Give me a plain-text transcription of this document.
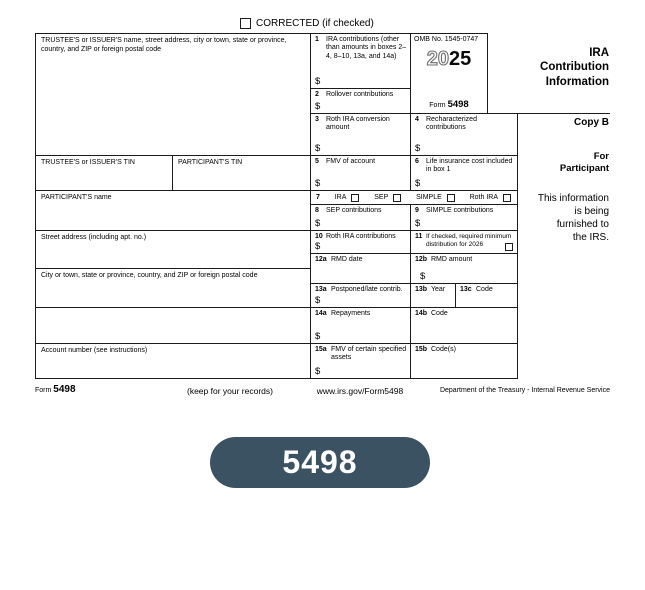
CORRECTED (if checked)
TRUSTEE'S or ISSUER'S name, street address, city or town, state or province, country, and ZIP or foreign postal code
TRUSTEE'S or ISSUER'S TIN	PARTICIPANT'S TIN
PARTICIPANT'S name
Street address (including apt. no.)
City or town, state or province, country, and ZIP or foreign postal code
Account number (see instructions)
1 IRA contributions (other than amounts in boxes 2–4, 8–10, 13a, and 14a)
$
2 Rollover contributions
$
OMB No. 1545-0747
2025
Form 5498
3 Roth IRA conversion amount
$
4 Recharacterized contributions
$
5 FMV of account
$
6 Life insurance cost included in box 1
$
7 IRA	SEP	SIMPLE	Roth IRA
8 SEP contributions
$
9 SIMPLE contributions
$
10 Roth IRA contributions
$
11 If checked, required minimum distribution for 2026
12a RMD date	12b RMD amount
$
13a Postponed/late contrib.
$
13b Year	13c Code
14a Repayments
$
14b Code
15a FMV of certain specified assets
$
15b Code(s)
IRA
Contribution
Information
Copy B
For
Participant
This information
is being
furnished to
the IRS.
Form 5498	(keep for your records)	www.irs.gov/Form5498	Department of the Treasury - Internal Revenue Service
5498
